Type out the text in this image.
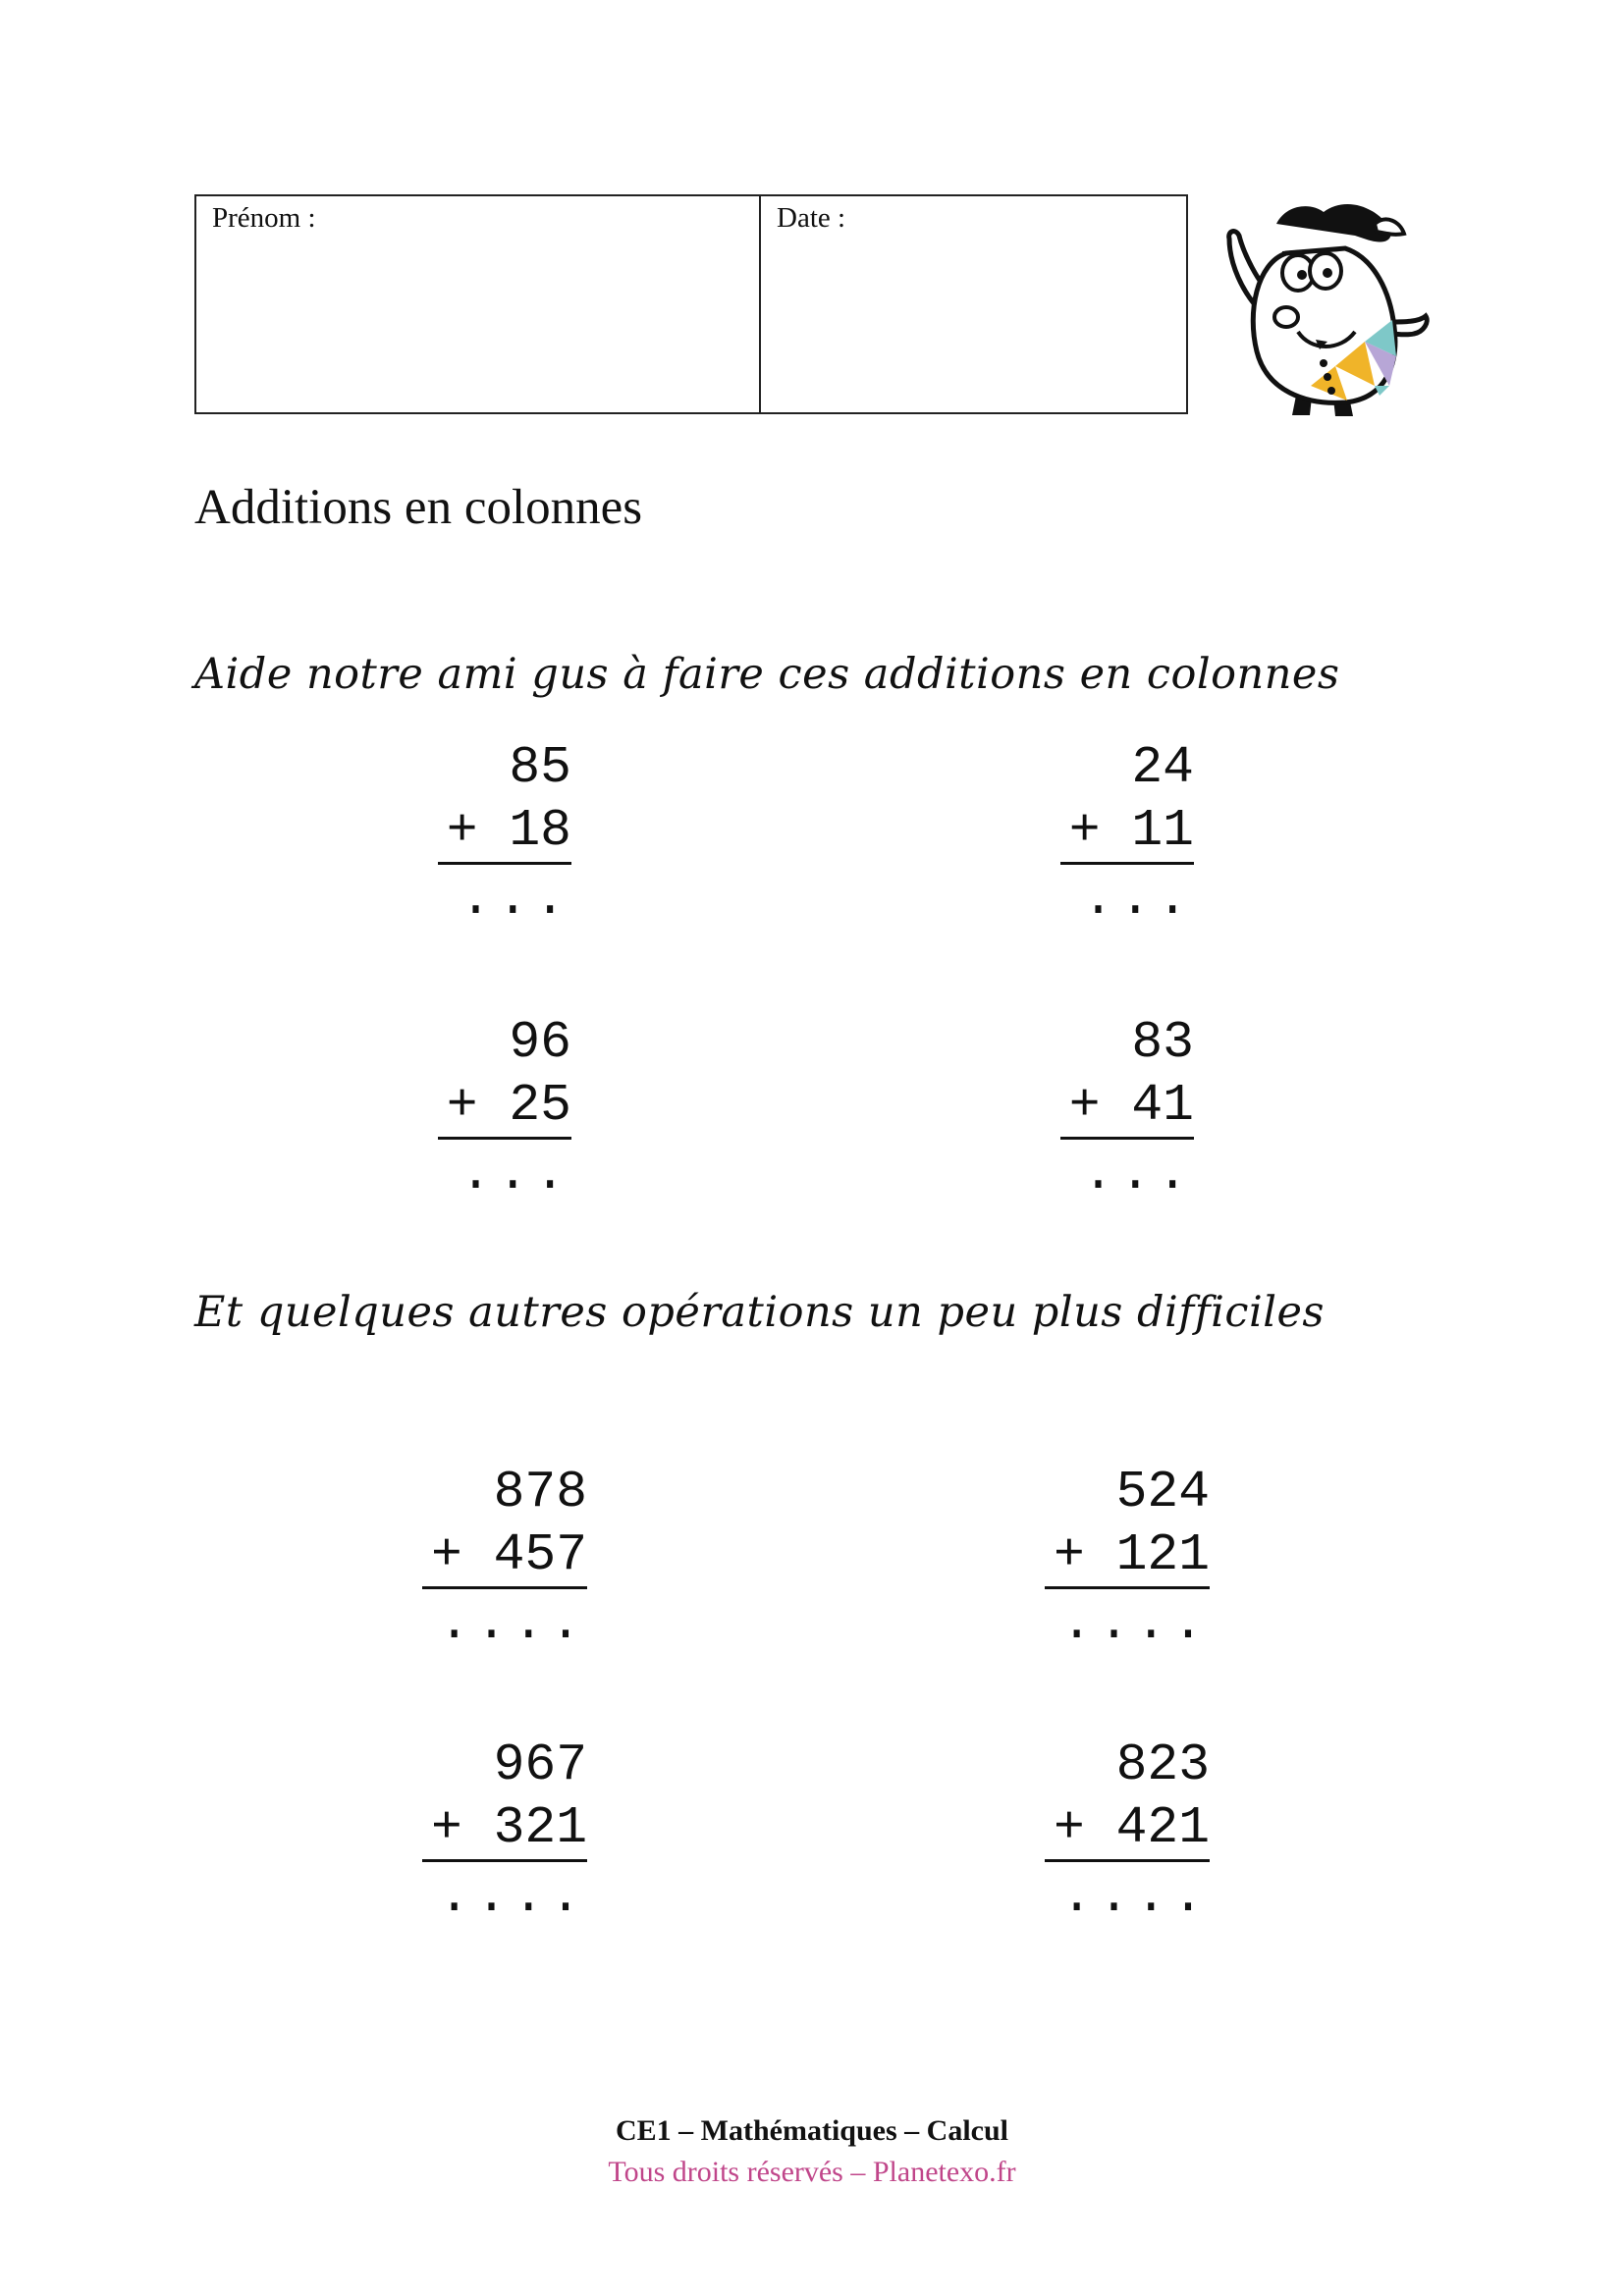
Prénom :	Date :
Additions en colonnes
Aide notre ami gus à faire ces additions en colonnes
85
+ 18
...
24
+ 11
...
96
+ 25
...
83
+ 41
...
Et quelques autres opérations un peu plus difficiles
878
+ 457
....
524
+ 121
....
967
+ 321
....
823
+ 421
....
CE1 – Mathématiques – Calcul
Tous droits réservés – Planetexo.fr
